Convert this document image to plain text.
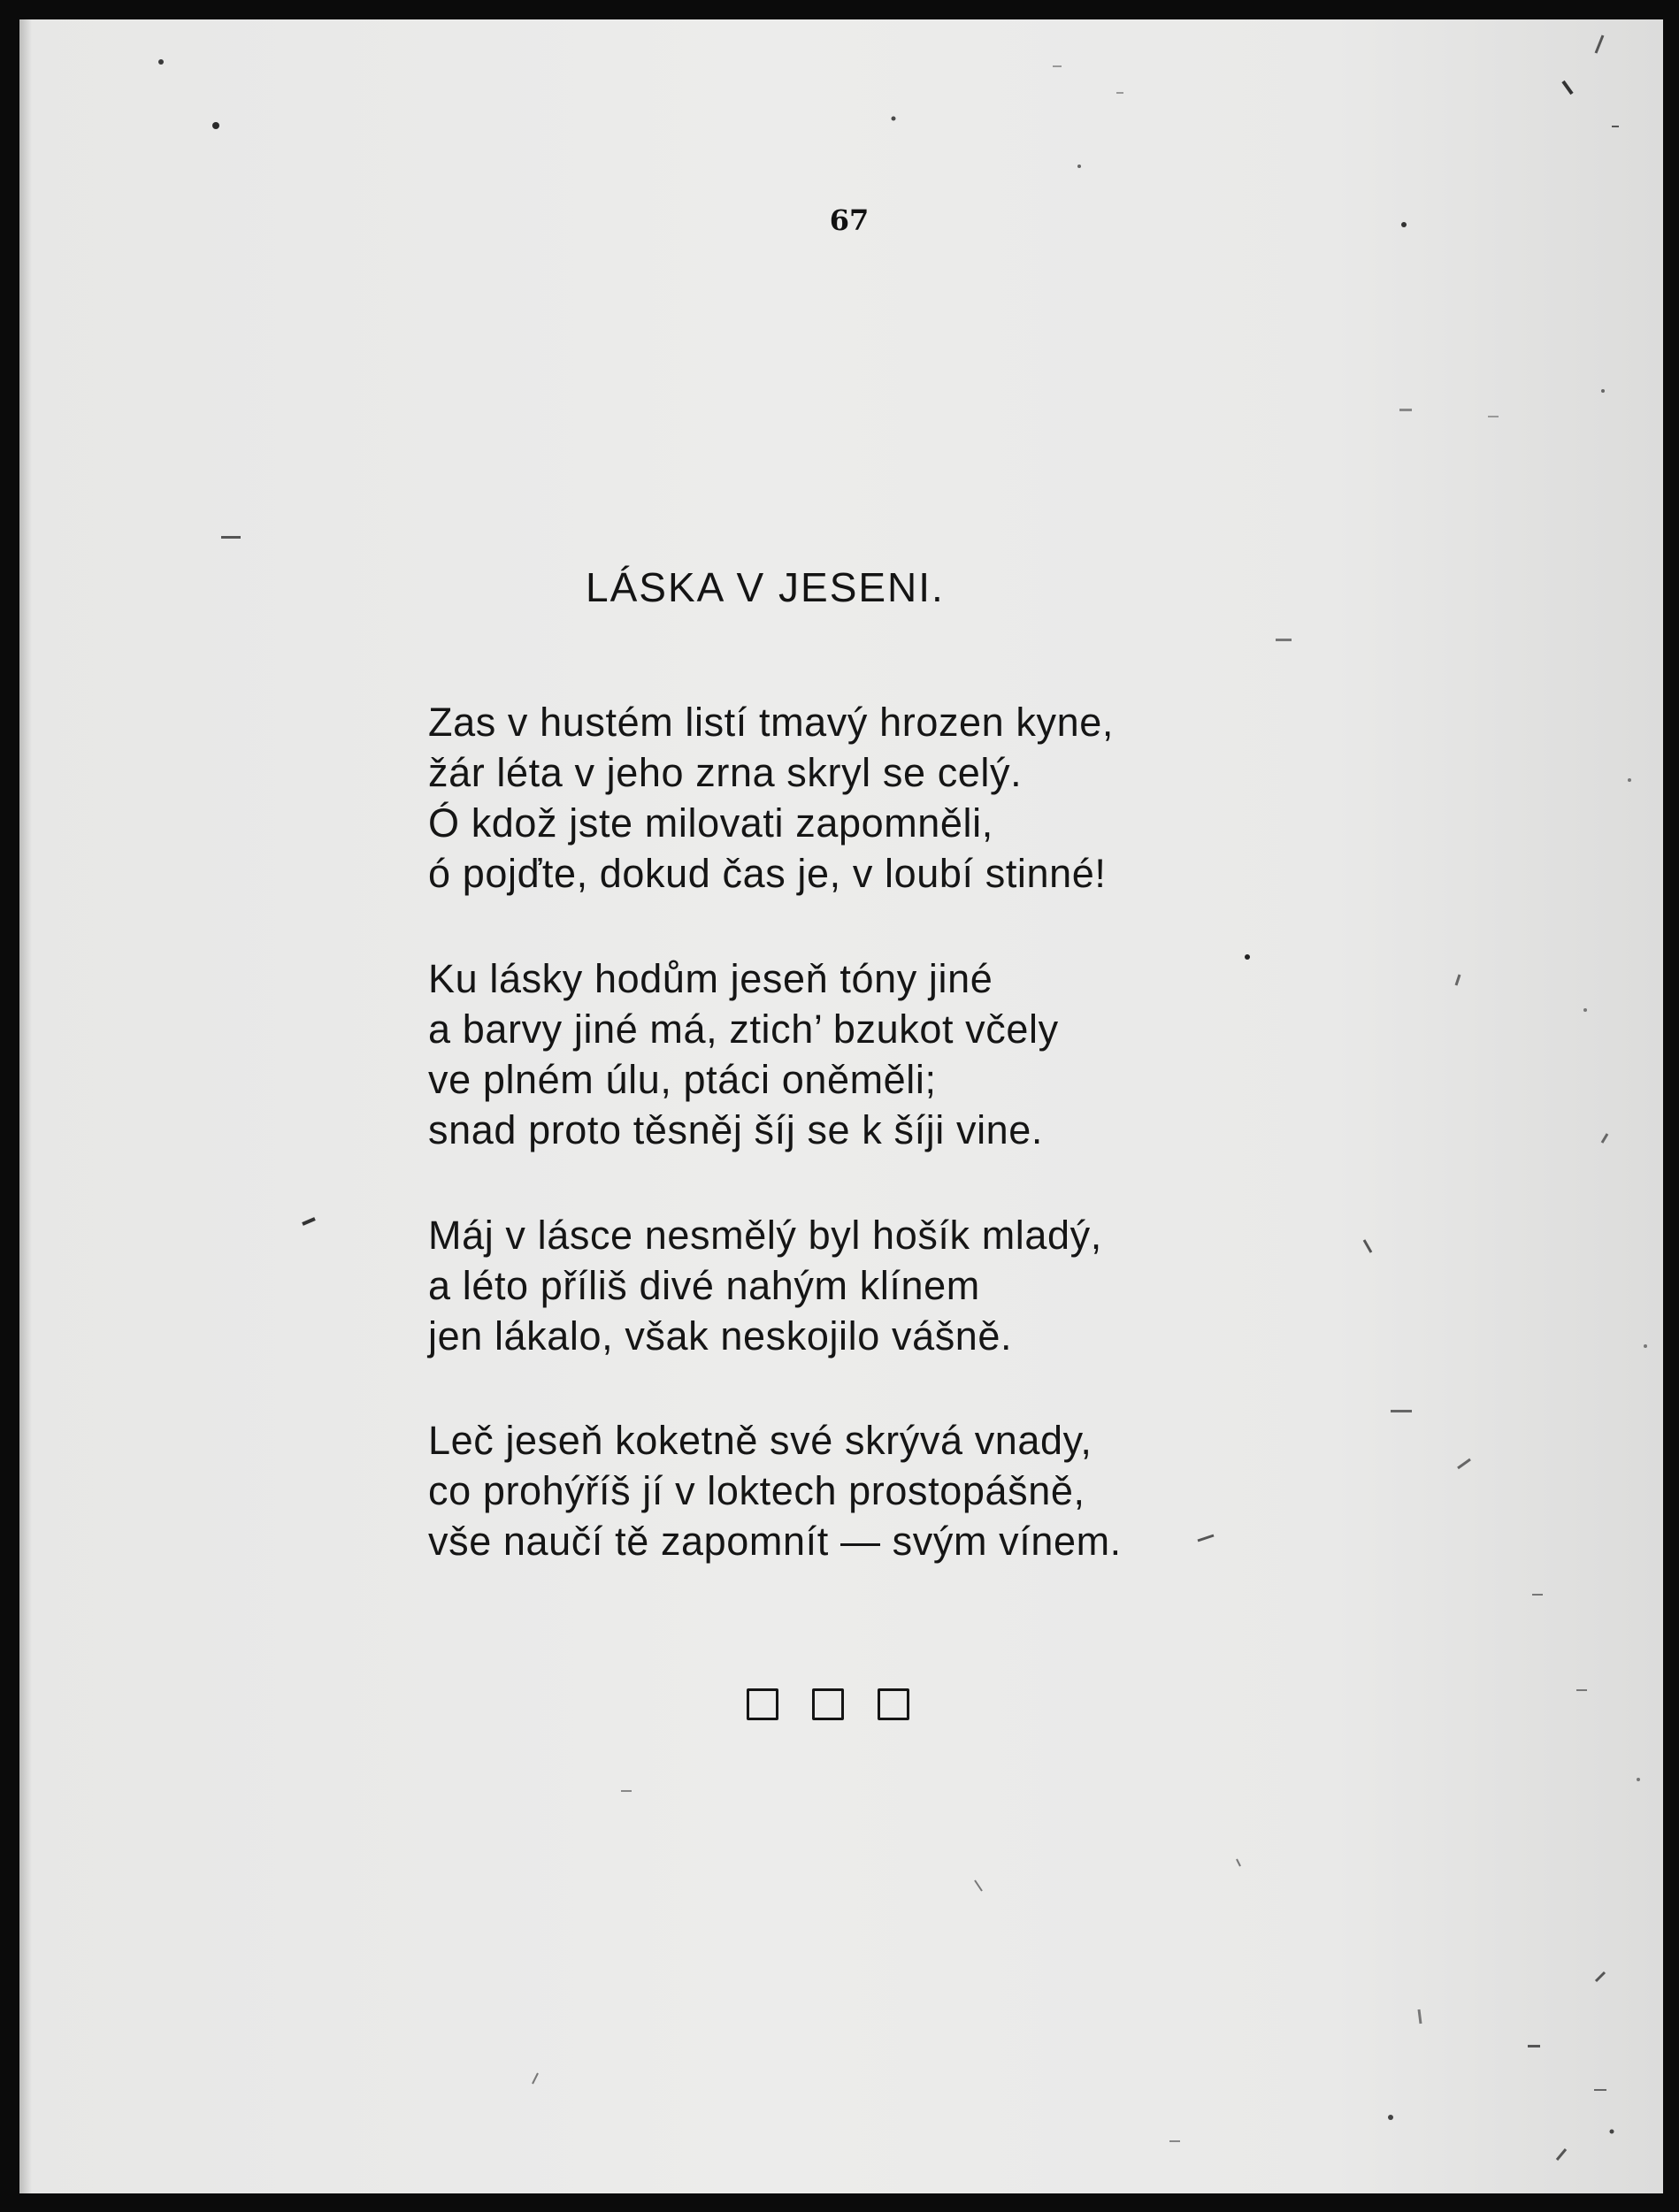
67
LÁSKA V JESENI.
Zas v hustém listí tmavý hrozen kyne,
žár léta v jeho zrna skryl se celý.
Ó kdož jste milovati zapomněli,
ó pojďte, dokud čas je, v loubí stinné!
Ku lásky hodům jeseň tóny jiné
a barvy jiné má, ztich’ bzukot včely
ve plném úlu, ptáci oněměli;
snad proto těsněj šíj se k šíji vine.
Máj v lásce nesmělý byl hošík mladý,
a léto příliš divé nahým klínem
jen lákalo, však neskojilo vášně.
Leč jeseň koketně své skrývá vnady,
co prohýříš jí v loktech prostopášně,
vše naučí tě zapomnít — svým vínem.
